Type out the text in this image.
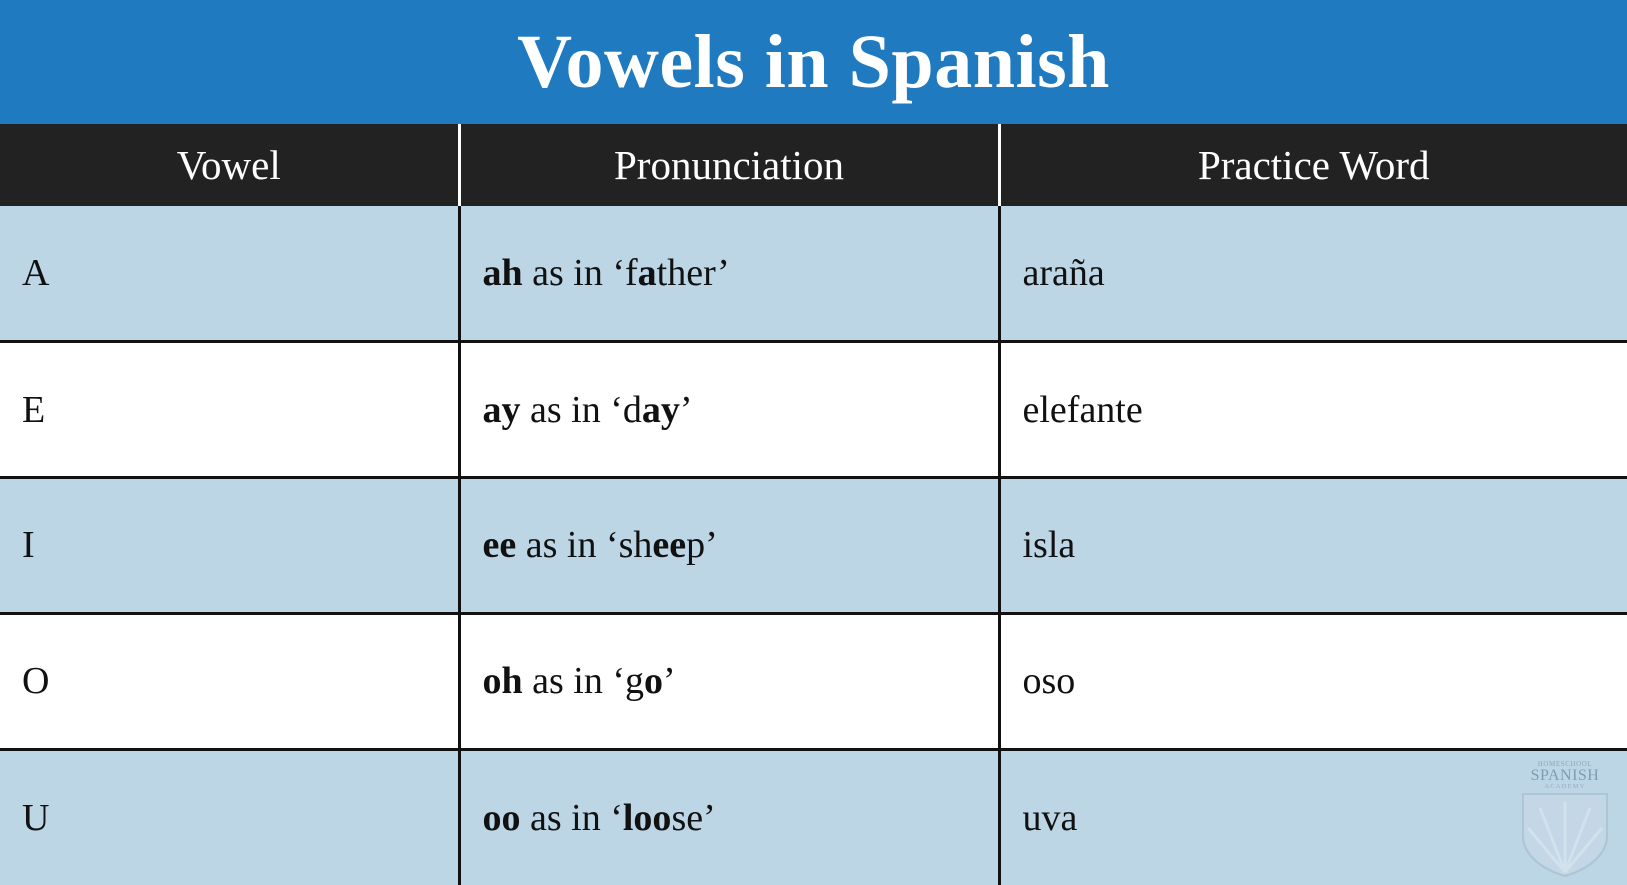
Vowels in Spanish
Vowel	Pronunciation	Practice Word
A	ah as in ‘father’	araña
E	ay as in ‘day’	elefante
I	ee as in ‘sheep’	isla
O	oh as in ‘go’	oso
U	oo as in ‘loose’	uva
HOMESCHOOL
SPANISH
ACADEMY
